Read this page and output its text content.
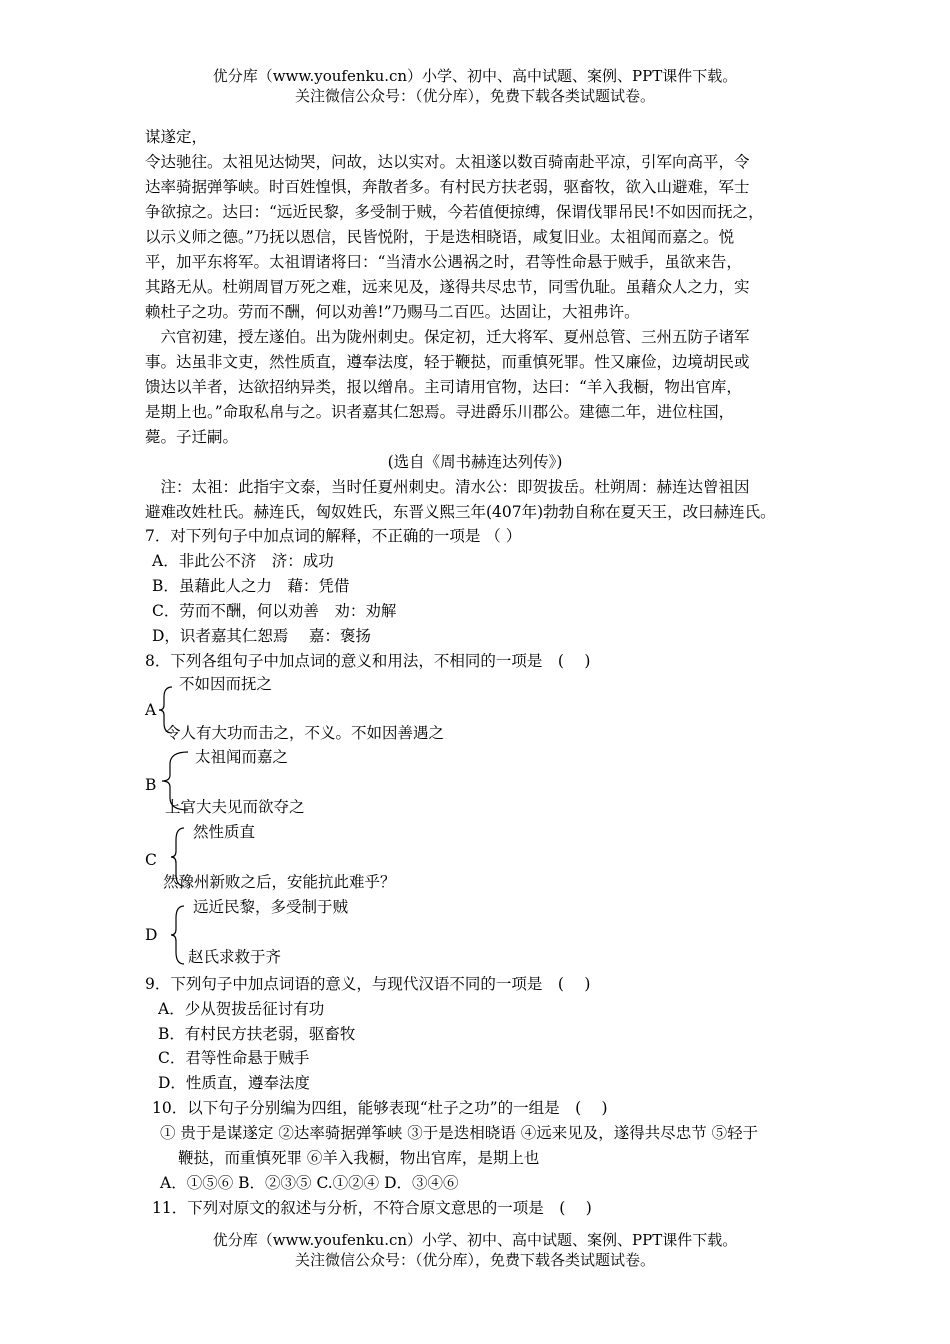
优分库（www.youfenku.cn）小学、初中、高中试题、案例、PPT课件下载。
关注微信公众号：（优分库），免费下载各类试题试卷。
谋遂定，
令达驰往。太祖见达恸哭，问故，达以实对。太祖遂以数百骑南赴平凉，引军向高平，令
达率骑据弹筝峡。时百姓惶惧，奔散者多。有村民方扶老弱，驱畜牧，欲入山避难，军士
争欲掠之。达曰：“远近民黎，多受制于贼，今若值便掠缚，保谓伐罪吊民!不如因而抚之，
以示义师之德。”乃抚以恩信，民皆悦附，于是迭相晓语，咸复旧业。太祖闻而嘉之。悦
平，加平东将军。太祖谓诸将曰：“当清水公遇祸之时，君等性命悬于贼手，虽欲来告，
其路无从。杜朔周冒万死之难，远来见及，遂得共尽忠节，同雪仇耻。虽藉众人之力，实
赖杜子之功。劳而不酬，何以劝善!”乃赐马二百匹。达固让，大祖弗许。
　六官初建，授左遂伯。出为陇州刺史。保定初，迁大将军、夏州总管、三州五防子诸军
事。达虽非文吏，然性质直，遵奉法度，轻于鞭挞，而重慎死罪。性又廉俭，边境胡民或
馈达以羊者，达欲招纳异类，报以缯帛。主司请用官物，达曰：“羊入我橱，物出官库，
是期上也。”命取私帛与之。识者嘉其仁恕焉。寻进爵乐川郡公。建德二年，进位柱国，
薨。子迁嗣。
(选自《周书赫连达列传》)
　注：太祖：此指宇文泰，当时任夏州刺史。清水公：即贺拔岳。杜朔周：赫连达曾祖因
避难改姓杜氏。赫连氏，匈奴姓氏，东晋义熙三年(407年)勃勃自称在夏天王，改曰赫连氏。
7．对下列句子中加点词的解释，不正确的一项是 （ ）
A．非此公不济　济：成功
B．虽藉此人之力　藉：凭借
C．劳而不酬，何以劝善　劝：劝解
D，识者嘉其仁恕焉　 嘉：褒扬
8．下列各组句子中加点词的意义和用法，不相同的一项是　(　 )
A
不如因而抚之
令人有大功而击之，不义。不如因善遇之
B
太祖闻而嘉之
上官大夫见而欲夺之
C
然性质直
然豫州新败之后，安能抗此难乎？
D
远近民黎，多受制于贼
赵氏求救于齐
9．下列句子中加点词语的意义，与现代汉语不同的一项是　(　 )
A．少从贺拔岳征讨有功
B．有村民方扶老弱，驱畜牧
C．君等性命悬于贼手
D．性质直，遵奉法度
10．以下句子分别编为四组，能够表现“杜子之功”的一组是　(　 )
① 贵于是谋遂定 ②达率骑据弹筝峡 ③于是迭相晓语 ④远来见及，遂得共尽忠节 ⑤轻于
鞭挞，而重慎死罪 ⑥羊入我橱，物出官库，是期上也
A．①⑤⑥ B．②③⑤ C.①②④ D．③④⑥
11．下列对原文的叙述与分析，不符合原文意思的一项是　(　 )
优分库（www.youfenku.cn）小学、初中、高中试题、案例、PPT课件下载。
关注微信公众号：（优分库），免费下载各类试题试卷。
